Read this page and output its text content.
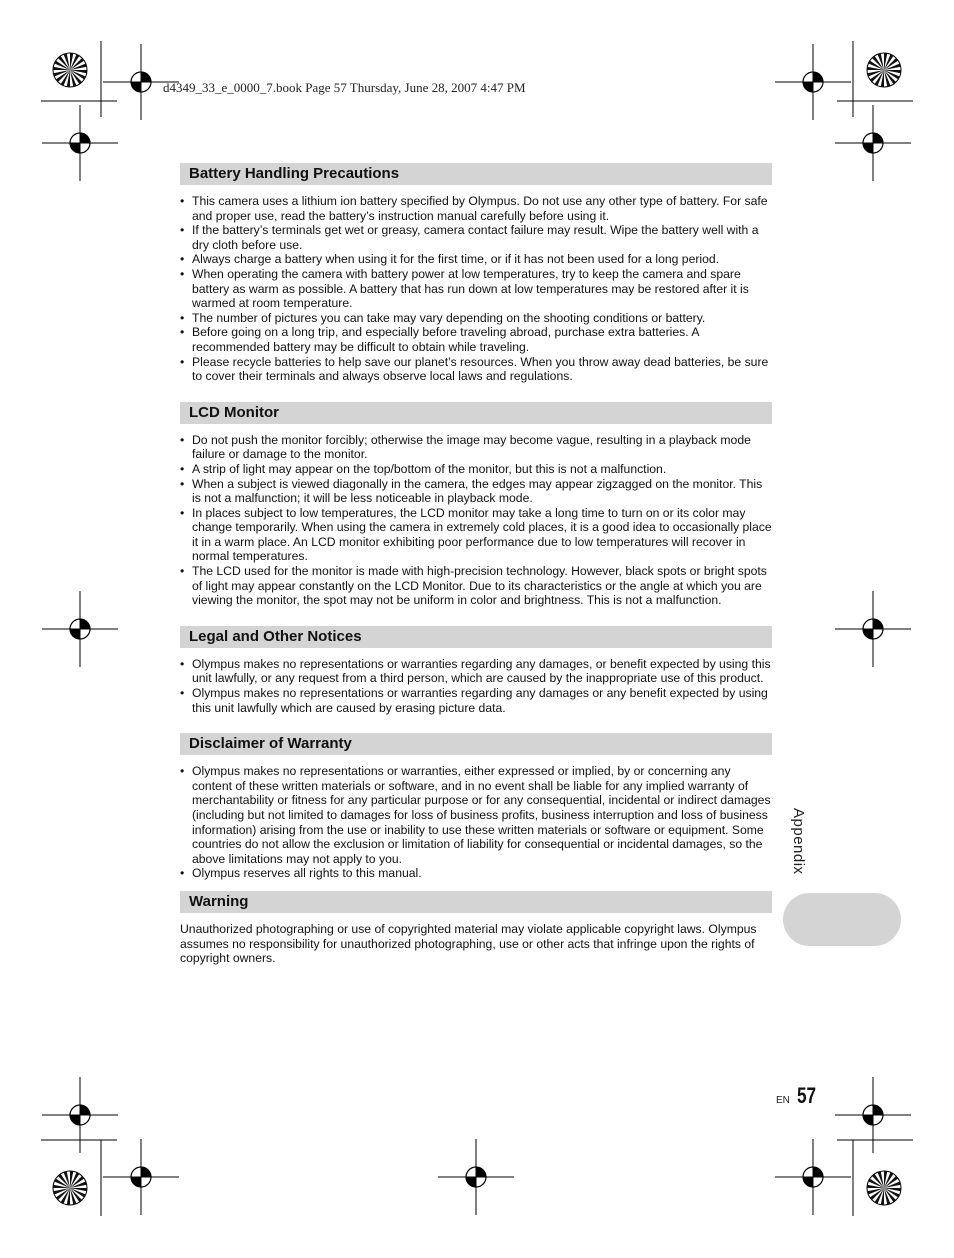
d4349_33_e_0000_7.book Page 57 Thursday, June 28, 2007 4:47 PM
Battery Handling Precautions
• This camera uses a lithium ion battery specified by Olympus. Do not use any other type of battery. For safe and proper use, read the battery’s instruction manual carefully before using it.
• If the battery’s terminals get wet or greasy, camera contact failure may result. Wipe the battery well with a dry cloth before use.
• Always charge a battery when using it for the first time, or if it has not been used for a long period.
• When operating the camera with battery power at low temperatures, try to keep the camera and spare battery as warm as possible. A battery that has run down at low temperatures may be restored after it is warmed at room temperature.
• The number of pictures you can take may vary depending on the shooting conditions or battery.
• Before going on a long trip, and especially before traveling abroad, purchase extra batteries. A recommended battery may be difficult to obtain while traveling.
• Please recycle batteries to help save our planet’s resources. When you throw away dead batteries, be sure to cover their terminals and always observe local laws and regulations.
LCD Monitor
• Do not push the monitor forcibly; otherwise the image may become vague, resulting in a playback mode failure or damage to the monitor.
• A strip of light may appear on the top/bottom of the monitor, but this is not a malfunction.
• When a subject is viewed diagonally in the camera, the edges may appear zigzagged on the monitor. This is not a malfunction; it will be less noticeable in playback mode.
• In places subject to low temperatures, the LCD monitor may take a long time to turn on or its color may change temporarily. When using the camera in extremely cold places, it is a good idea to occasionally place it in a warm place. An LCD monitor exhibiting poor performance due to low temperatures will recover in normal temperatures.
• The LCD used for the monitor is made with high-precision technology. However, black spots or bright spots of light may appear constantly on the LCD Monitor. Due to its characteristics or the angle at which you are viewing the monitor, the spot may not be uniform in color and brightness. This is not a malfunction.
Legal and Other Notices
• Olympus makes no representations or warranties regarding any damages, or benefit expected by using this unit lawfully, or any request from a third person, which are caused by the inappropriate use of this product.
• Olympus makes no representations or warranties regarding any damages or any benefit expected by using this unit lawfully which are caused by erasing picture data.
Disclaimer of Warranty
• Olympus makes no representations or warranties, either expressed or implied, by or concerning any content of these written materials or software, and in no event shall be liable for any implied warranty of merchantability or fitness for any particular purpose or for any consequential, incidental or indirect damages (including but not limited to damages for loss of business profits, business interruption and loss of business information) arising from the use or inability to use these written materials or software or equipment. Some countries do not allow the exclusion or limitation of liability for consequential or incidental damages, so the above limitations may not apply to you.
• Olympus reserves all rights to this manual.
Warning

Unauthorized photographing or use of copyrighted material may violate applicable copyright laws. Olympus assumes no responsibility for unauthorized photographing, use or other acts that infringe upon the rights of copyright owners.

Appendix
EN 57
